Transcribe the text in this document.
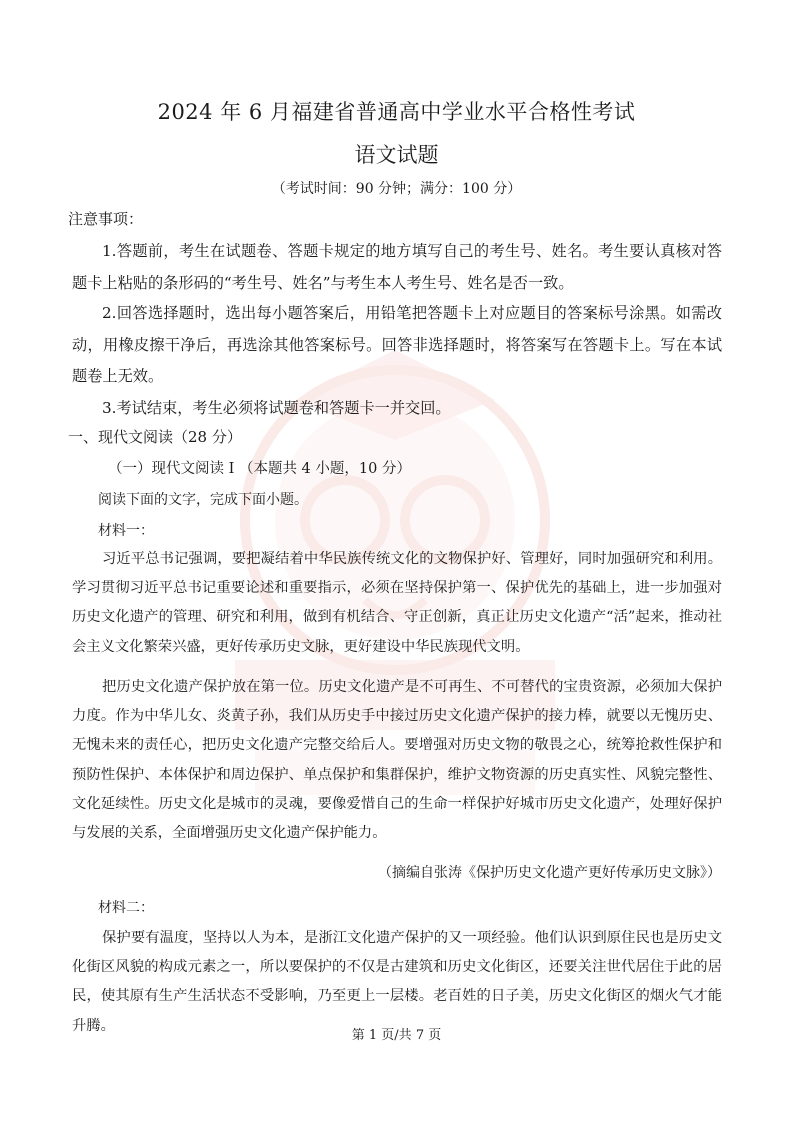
2024 年 6 月福建省普通高中学业水平合格性考试
语文试题
（考试时间：90 分钟；满分：100 分）
注意事项：
1.答题前，考生在试题卷、答题卡规定的地方填写自己的考生号、姓名。考生要认真核对答题卡上粘贴的条形码的“考生号、姓名”与考生本人考生号、姓名是否一致。
2.回答选择题时，选出每小题答案后，用铅笔把答题卡上对应题目的答案标号涂黑。如需改动，用橡皮擦干净后，再选涂其他答案标号。回答非选择题时，将答案写在答题卡上。写在本试题卷上无效。
3.考试结束，考生必须将试题卷和答题卡一并交回。
一、现代文阅读（28 分）
（一）现代文阅读 I （本题共 4 小题，10 分）
阅读下面的文字，完成下面小题。
材料一：
习近平总书记强调，要把凝结着中华民族传统文化的文物保护好、管理好，同时加强研究和利用。学习贯彻习近平总书记重要论述和重要指示，必须在坚持保护第一、保护优先的基础上，进一步加强对历史文化遗产的管理、研究和利用，做到有机结合、守正创新，真正让历史文化遗产“活”起来，推动社会主义文化繁荣兴盛，更好传承历史文脉，更好建设中华民族现代文明。
把历史文化遗产保护放在第一位。历史文化遗产是不可再生、不可替代的宝贵资源，必须加大保护力度。作为中华儿女、炎黄子孙，我们从历史手中接过历史文化遗产保护的接力棒，就要以无愧历史、无愧未来的责任心，把历史文化遗产完整交给后人。要增强对历史文物的敬畏之心，统筹抢救性保护和预防性保护、本体保护和周边保护、单点保护和集群保护，维护文物资源的历史真实性、风貌完整性、文化延续性。历史文化是城市的灵魂，要像爱惜自己的生命一样保护好城市历史文化遗产，处理好保护与发展的关系，全面增强历史文化遗产保护能力。
（摘编自张涛《保护历史文化遗产更好传承历史文脉》）
材料二：
保护要有温度，坚持以人为本，是浙江文化遗产保护的又一项经验。他们认识到原住民也是历史文化街区风貌的构成元素之一，所以要保护的不仅是古建筑和历史文化街区，还要关注世代居住于此的居民，使其原有生产生活状态不受影响，乃至更上一层楼。老百姓的日子美，历史文化街区的烟火气才能升腾。
第 1 页/共 7 页
